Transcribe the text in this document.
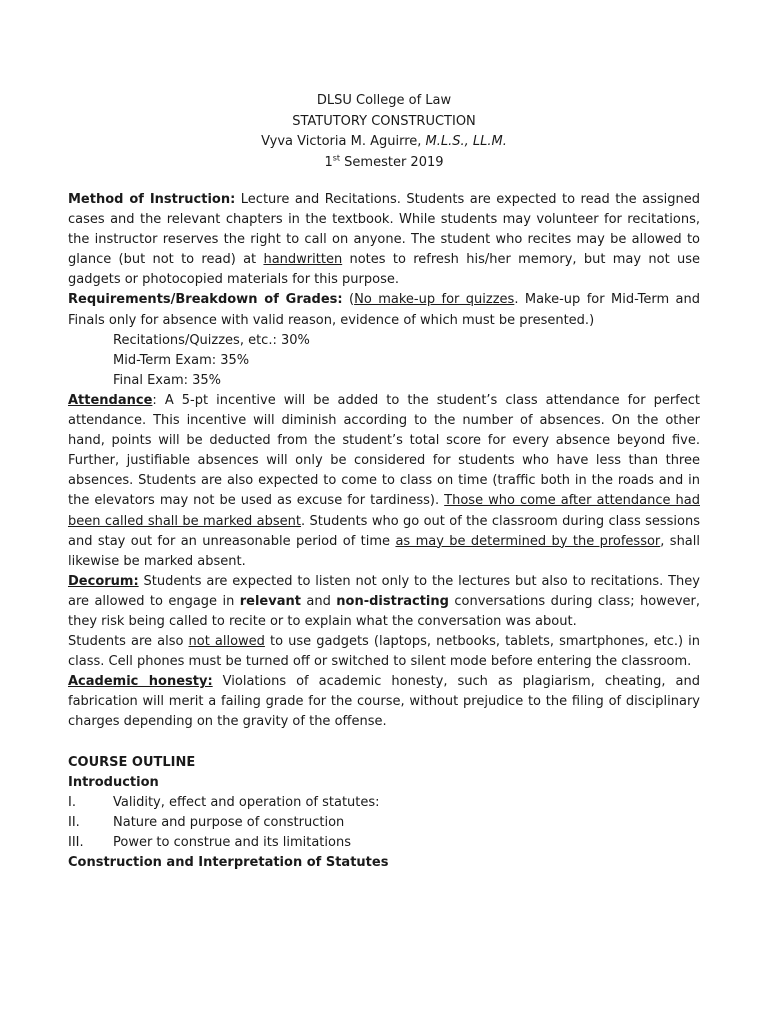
DLSU College of Law
STATUTORY CONSTRUCTION
Vyva Victoria M. Aguirre, M.L.S., LL.M.
1st Semester 2019

Method of Instruction: Lecture and Recitations. Students are expected to read the assigned cases and the relevant chapters in the textbook. While students may volunteer for recitations, the instructor reserves the right to call on anyone. The student who recites may be allowed to glance (but not to read) at handwritten notes to refresh his/her memory, but may not use gadgets or photocopied materials for this purpose.

Requirements/Breakdown of Grades: (No make-up for quizzes. Make-up for Mid-Term and Finals only for absence with valid reason, evidence of which must be presented.)

Recitations/Quizzes, etc.: 30%

Mid-Term Exam: 35%

Final Exam: 35%

Attendance: A 5-pt incentive will be added to the student’s class attendance for perfect attendance. This incentive will diminish according to the number of absences. On the other hand, points will be deducted from the student’s total score for every absence beyond five. Further, justifiable absences will only be considered for students who have less than three absences. Students are also expected to come to class on time (traffic both in the roads and in the elevators may not be used as excuse for tardiness). Those who come after attendance had been called shall be marked absent. Students who go out of the classroom during class sessions and stay out for an unreasonable period of time as may be determined by the professor, shall likewise be marked absent.

Decorum: Students are expected to listen not only to the lectures but also to recitations. They are allowed to engage in relevant and non-distracting conversations during class; however, they risk being called to recite or to explain what the conversation was about.

Students are also not allowed to use gadgets (laptops, netbooks, tablets, smartphones, etc.) in class. Cell phones must be turned off or switched to silent mode before entering the classroom.

Academic honesty: Violations of academic honesty, such as plagiarism, cheating, and fabrication will merit a failing grade for the course, without prejudice to the filing of disciplinary charges depending on the gravity of the offense.

COURSE OUTLINE

Introduction

I.	Validity, effect and operation of statutes:
II.	Nature and purpose of construction
III.	Power to construe and its limitations

Construction and Interpretation of Statutes
